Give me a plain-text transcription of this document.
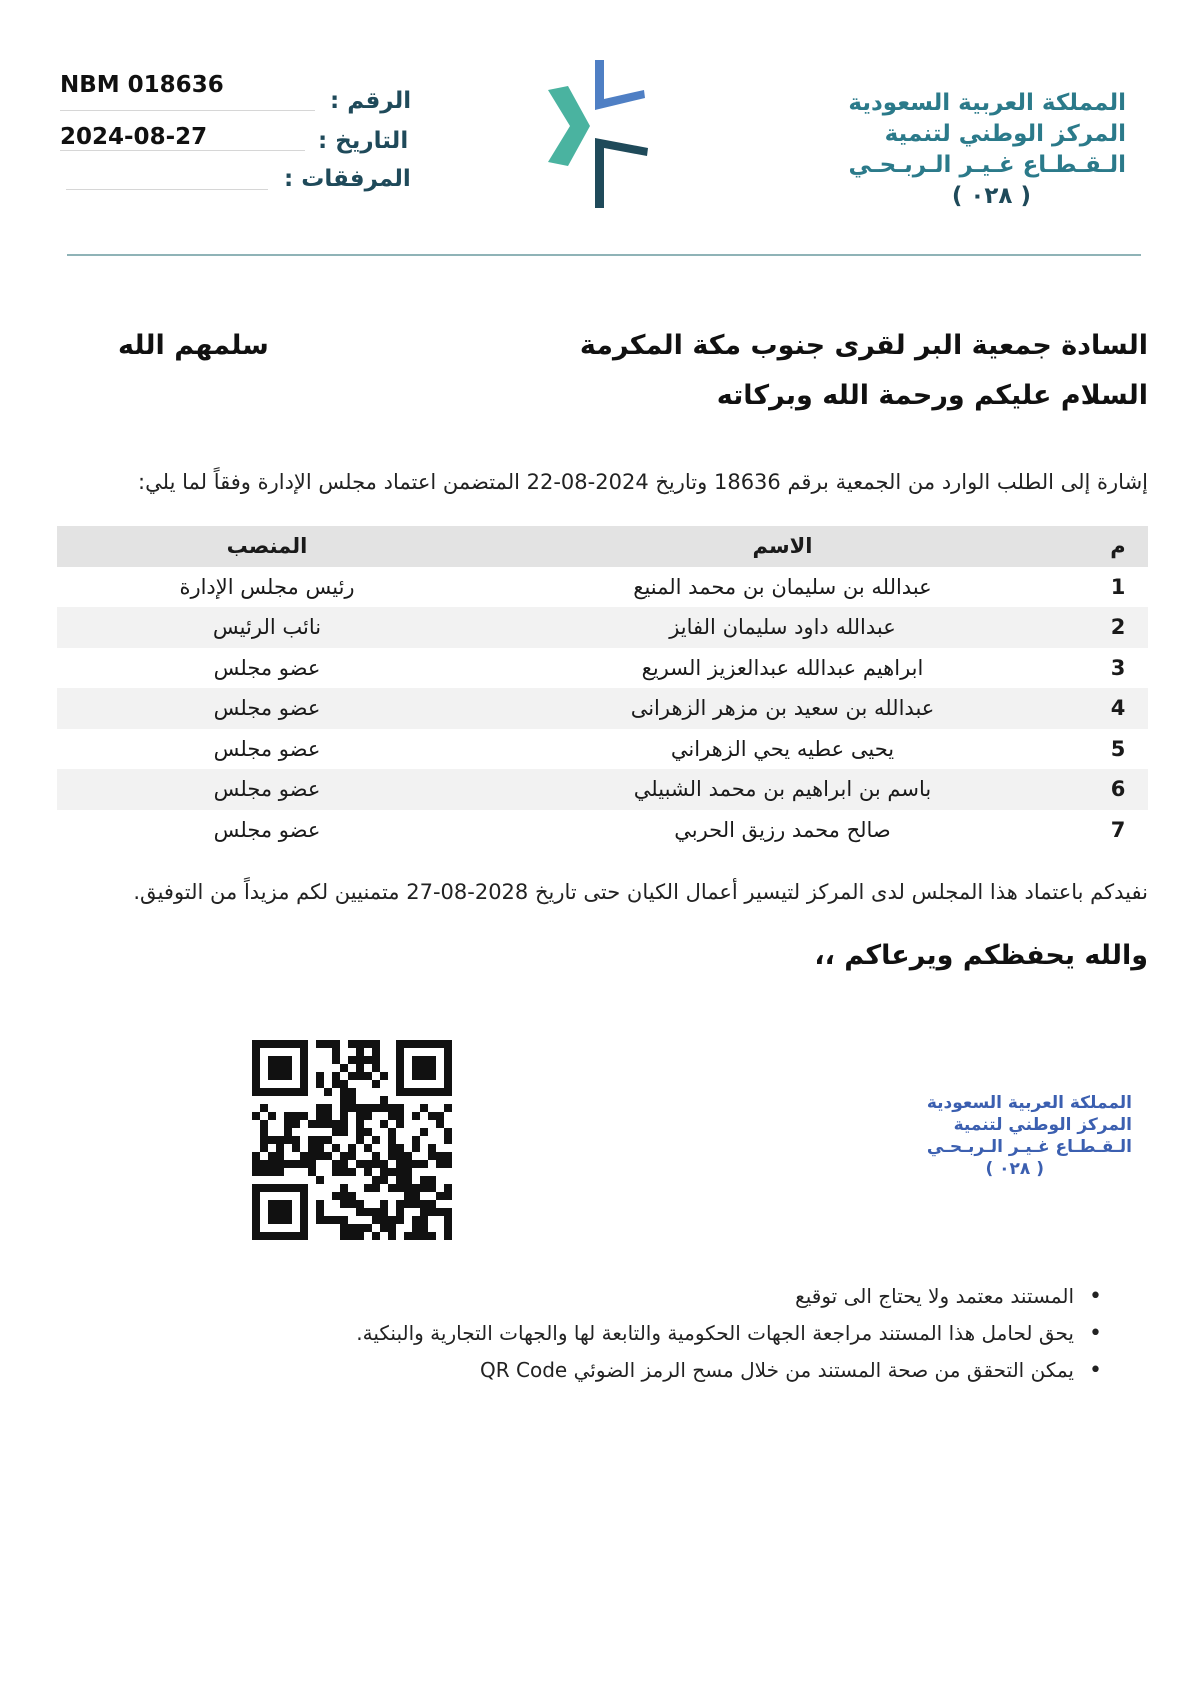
NBM 018636
الرقم :
2024-08-27	التاريخ :
المرفقات :
المملكة العربية السعودية
المركز الوطني لتنمية
الـقـطـاع غـيـر الـربـحـي
( ٠٢٨ )
السادة جمعية البر لقرى جنوب مكة المكرمة
سلمهم الله
السلام عليكم ورحمة الله وبركاته
إشارة إلى الطلب الوارد من الجمعية برقم 18636 وتاريخ 2024-08-22 المتضمن اعتماد مجلس الإدارة وفقاً لما يلي:
م
الاسم
المنصب
1
عبدالله بن سليمان بن محمد المنيع
رئيس مجلس الإدارة
2
عبدالله داود سليمان الفايز
نائب الرئيس
3
ابراهيم عبدالله عبدالعزيز السريع
عضو مجلس
4
عبدالله بن سعيد بن مزهر الزهرانى
عضو مجلس
5
يحيى عطيه يحي الزهراني
عضو مجلس
6
باسم بن ابراهيم بن محمد الشبيلي
عضو مجلس
7
صالح محمد رزيق الحربي
عضو مجلس
نفيدكم باعتماد هذا المجلس لدى المركز لتيسير أعمال الكيان حتى تاريخ 2028-08-27 متمنيين لكم مزيداً من التوفيق.
والله يحفظكم ويرعاكم ،،
المملكة العربية السعودية
المركز الوطني لتنمية
الـقـطـاع غـيـر الـربـحـي
( ٠٢٨ )
• المستند معتمد ولا يحتاج الى توقيع
• يحق لحامل هذا المستند مراجعة الجهات الحكومية والتابعة لها والجهات التجارية والبنكية.
• يمكن التحقق من صحة المستند من خلال مسح الرمز الضوئي QR Code
